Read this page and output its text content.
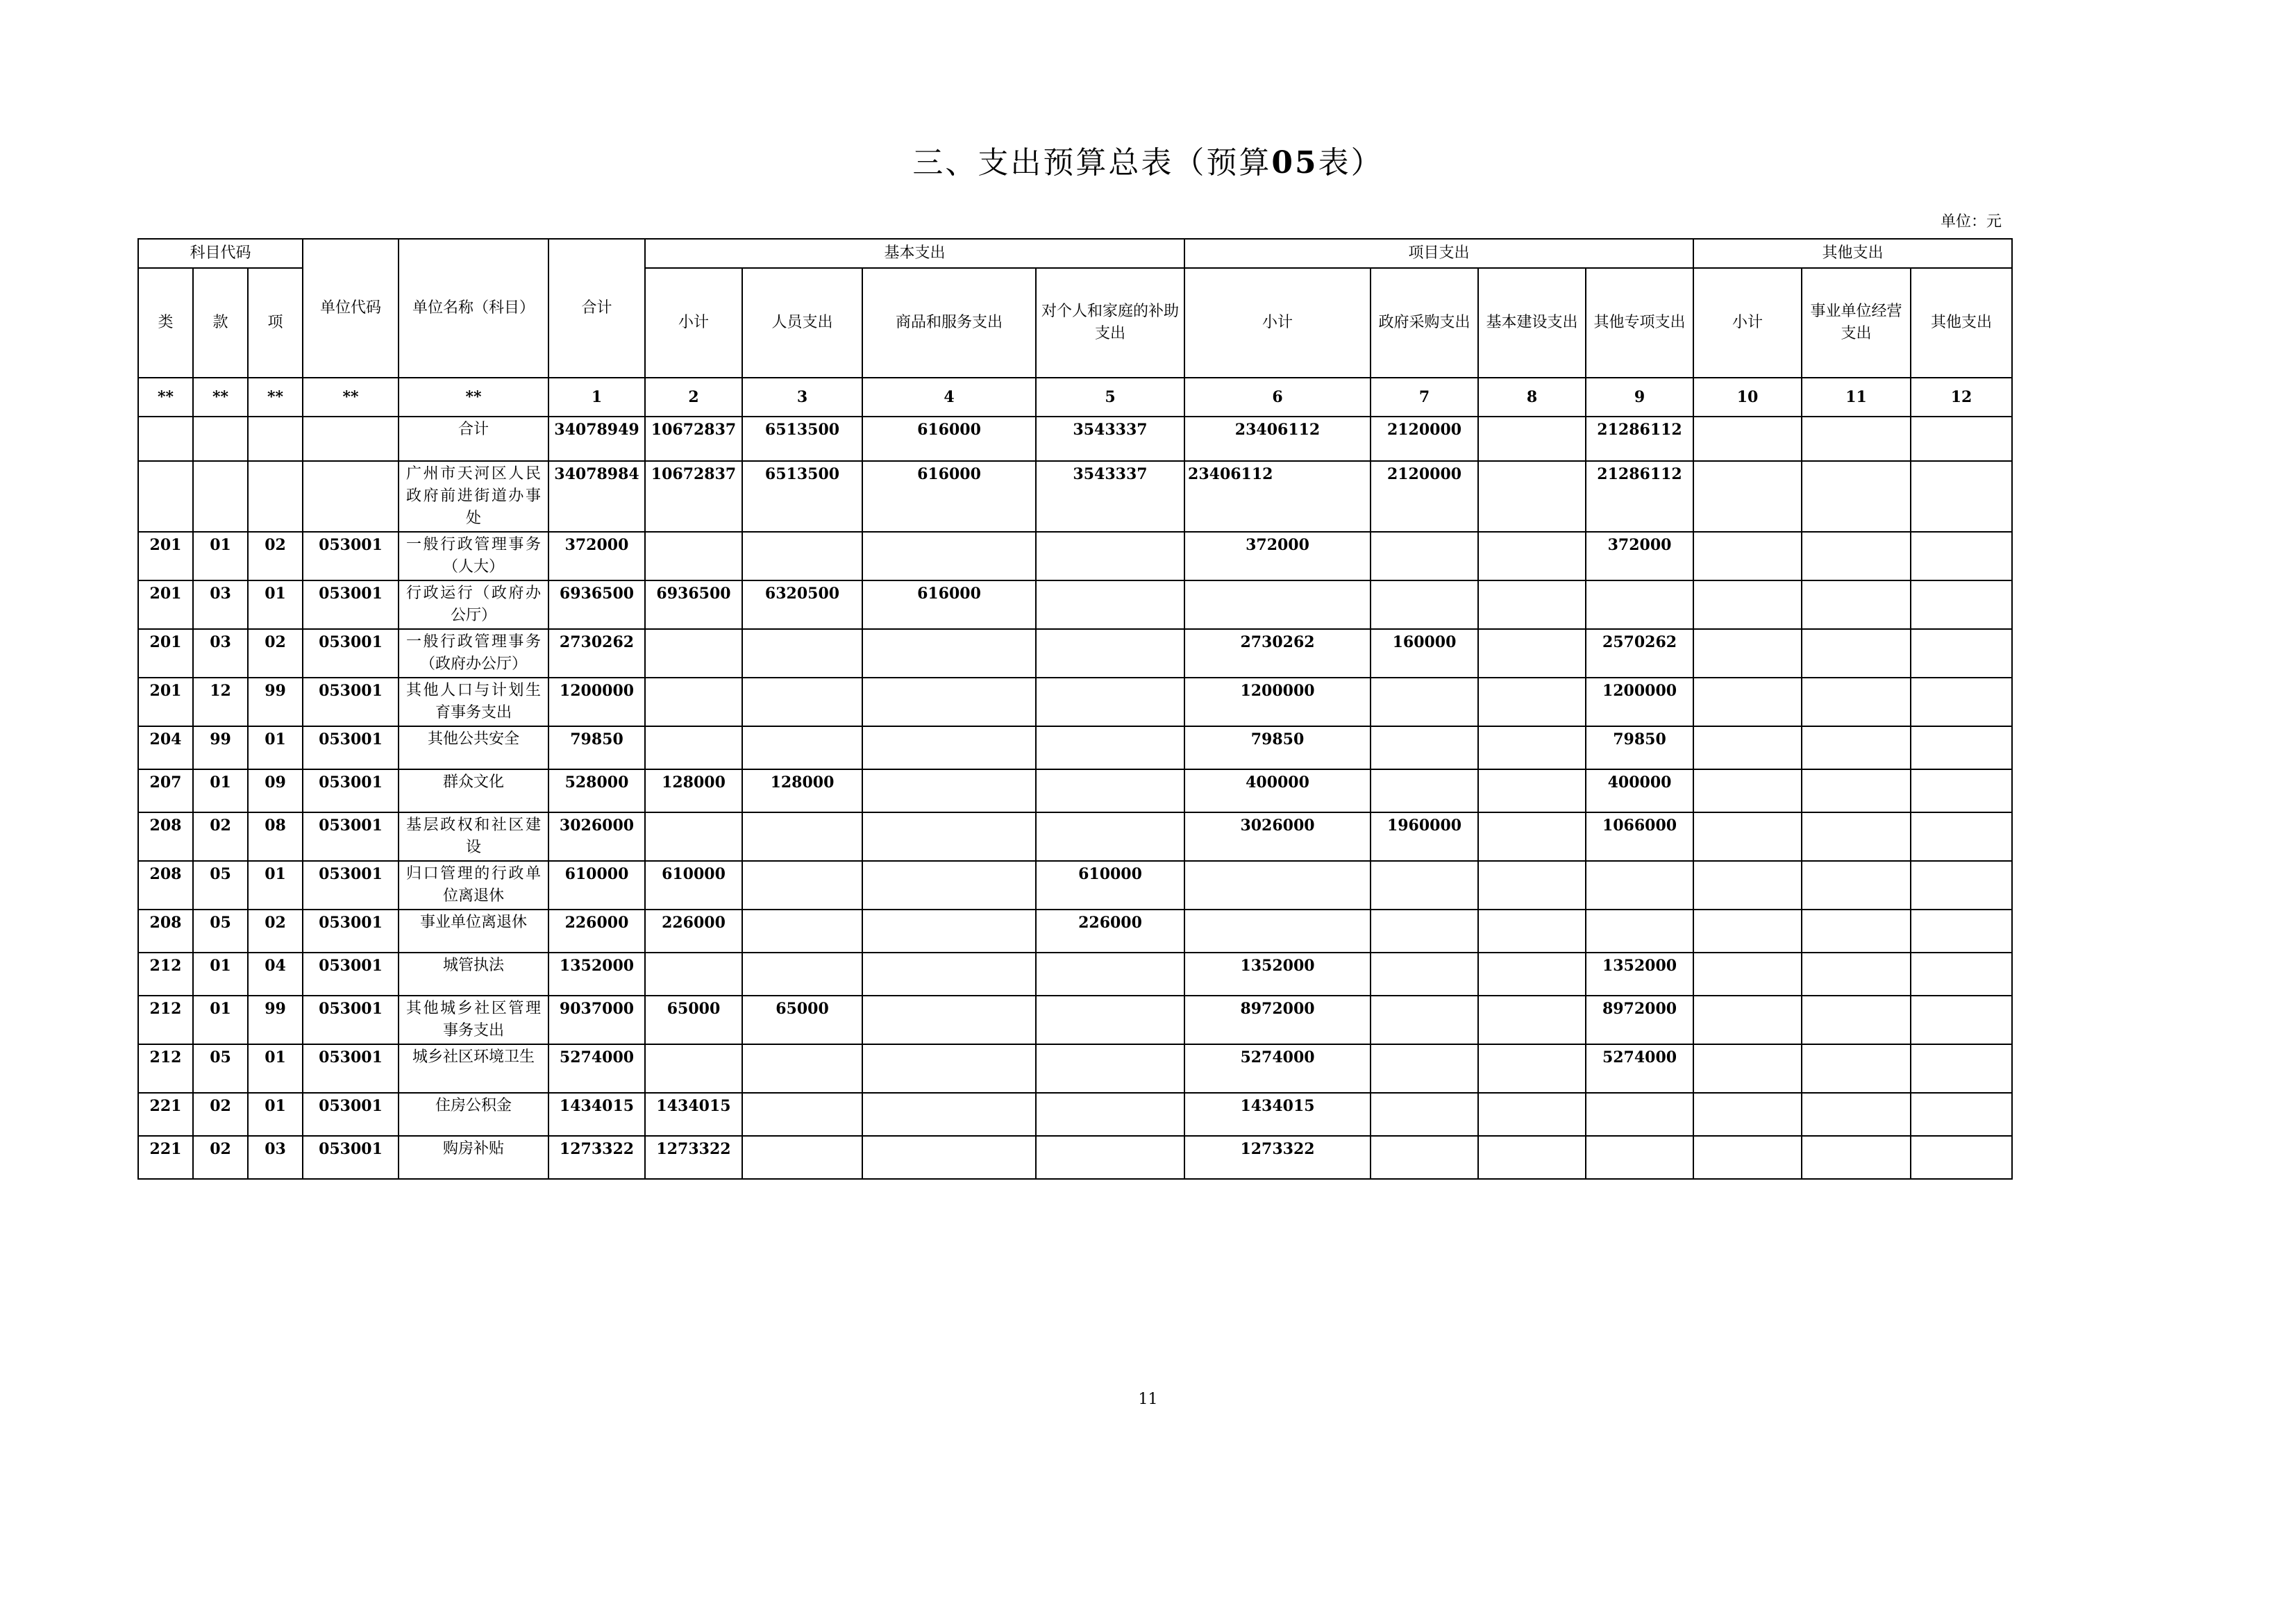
三、支出预算总表（预算05表）
单位：元
科目代码			单位代码	单位名称（科目）	合计	基本支出				项目支出				其他支出		
类	款	项				小计	人员支出	商品和服务支出	对个人和家庭的补助支出	小计	政府采购支出	基本建设支出	其他专项支出	小计	事业单位经营支出	其他支出
**	**	**	**	**	1	2	3	4	5	6	7	8	9	10	11	12
				合计	34078949	10672837	6513500	616000	3543337	23406112	2120000		21286112			
				广州市天河区人民政府前进街道办事处	34078984	10672837	6513500	616000	3543337	23406112	2120000		21286112			
201	01	02	053001	一般行政管理事务（人大）	372000					372000			372000			
201	03	01	053001	行政运行（政府办公厅）	6936500	6936500	6320500	616000								
201	03	02	053001	一般行政管理事务（政府办公厅）	2730262					2730262	160000		2570262			
201	12	99	053001	其他人口与计划生育事务支出	1200000					1200000			1200000			
204	99	01	053001	其他公共安全	79850					79850			79850			
207	01	09	053001	群众文化	528000	128000	128000			400000			400000			
208	02	08	053001	基层政权和社区建设	3026000					3026000	1960000		1066000			
208	05	01	053001	归口管理的行政单位离退休	610000	610000			610000							
208	05	02	053001	事业单位离退休	226000	226000			226000							
212	01	04	053001	城管执法	1352000					1352000			1352000			
212	01	99	053001	其他城乡社区管理事务支出	9037000	65000	65000			8972000			8972000			
212	05	01	053001	城乡社区环境卫生	5274000					5274000			5274000			
221	02	01	053001	住房公积金	1434015	1434015				1434015						
221	02	03	053001	购房补贴	1273322	1273322				1273322						
11
